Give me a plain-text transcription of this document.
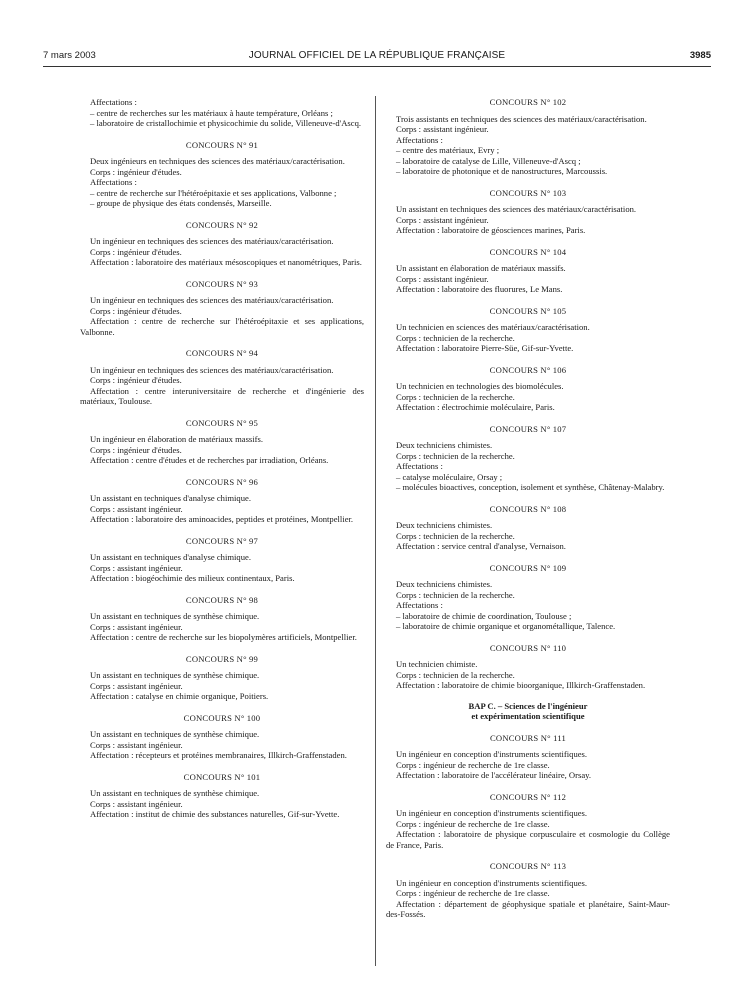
7 mars 2003	JOURNAL OFFICIEL DE LA RÉPUBLIQUE FRANÇAISE	3985

Affectations :

– centre de recherches sur les matériaux à haute température, Orléans ;

– laboratoire de cristallochimie et physicochimie du solide, Villeneuve-d'Ascq.

CONCOURS N° 91

Deux ingénieurs en techniques des sciences des matériaux/caractérisation.

Corps : ingénieur d'études.

Affectations :

– centre de recherche sur l'hétéroépitaxie et ses applications, Valbonne ;

– groupe de physique des états condensés, Marseille.

CONCOURS N° 92

Un ingénieur en techniques des sciences des matériaux/caractérisation.

Corps : ingénieur d'études.

Affectation : laboratoire des matériaux mésoscopiques et nanométriques, Paris.

CONCOURS N° 93

Un ingénieur en techniques des sciences des matériaux/caractérisation.

Corps : ingénieur d'études.

Affectation : centre de recherche sur l'hétéroépitaxie et ses applications, Valbonne.

CONCOURS N° 94

Un ingénieur en techniques des sciences des matériaux/caractérisation.

Corps : ingénieur d'études.

Affectation : centre interuniversitaire de recherche et d'ingénierie des matériaux, Toulouse.

CONCOURS N° 95

Un ingénieur en élaboration de matériaux massifs.

Corps : ingénieur d'études.

Affectation : centre d'études et de recherches par irradiation, Orléans.

CONCOURS N° 96

Un assistant en techniques d'analyse chimique.

Corps : assistant ingénieur.

Affectation : laboratoire des aminoacides, peptides et protéines, Montpellier.

CONCOURS N° 97

Un assistant en techniques d'analyse chimique.

Corps : assistant ingénieur.

Affectation : biogéochimie des milieux continentaux, Paris.

CONCOURS N° 98

Un assistant en techniques de synthèse chimique.

Corps : assistant ingénieur.

Affectation : centre de recherche sur les biopolymères artificiels, Montpellier.

CONCOURS N° 99

Un assistant en techniques de synthèse chimique.

Corps : assistant ingénieur.

Affectation : catalyse en chimie organique, Poitiers.

CONCOURS N° 100

Un assistant en techniques de synthèse chimique.

Corps : assistant ingénieur.

Affectation : récepteurs et protéines membranaires, Illkirch-Graffenstaden.

CONCOURS N° 101

Un assistant en techniques de synthèse chimique.

Corps : assistant ingénieur.

Affectation : institut de chimie des substances naturelles, Gif-sur-Yvette.

CONCOURS N° 102

Trois assistants en techniques des sciences des matériaux/caractérisation.

Corps : assistant ingénieur.

Affectations :

– centre des matériaux, Evry ;

– laboratoire de catalyse de Lille, Villeneuve-d'Ascq ;

– laboratoire de photonique et de nanostructures, Marcoussis.

CONCOURS N° 103

Un assistant en techniques des sciences des matériaux/caractérisation.

Corps : assistant ingénieur.

Affectation : laboratoire de géosciences marines, Paris.

CONCOURS N° 104

Un assistant en élaboration de matériaux massifs.

Corps : assistant ingénieur.

Affectation : laboratoire des fluorures, Le Mans.

CONCOURS N° 105

Un technicien en sciences des matériaux/caractérisation.

Corps : technicien de la recherche.

Affectation : laboratoire Pierre-Süe, Gif-sur-Yvette.

CONCOURS N° 106

Un technicien en technologies des biomolécules.

Corps : technicien de la recherche.

Affectation : électrochimie moléculaire, Paris.

CONCOURS N° 107

Deux techniciens chimistes.

Corps : technicien de la recherche.

Affectations :

– catalyse moléculaire, Orsay ;

– molécules bioactives, conception, isolement et synthèse, Châtenay-Malabry.

CONCOURS N° 108

Deux techniciens chimistes.

Corps : technicien de la recherche.

Affectation : service central d'analyse, Vernaison.

CONCOURS N° 109

Deux techniciens chimistes.

Corps : technicien de la recherche.

Affectations :

– laboratoire de chimie de coordination, Toulouse ;

– laboratoire de chimie organique et organométallique, Talence.

CONCOURS N° 110

Un technicien chimiste.

Corps : technicien de la recherche.

Affectation : laboratoire de chimie bioorganique, Illkirch-Graffenstaden.

BAP C. – Sciences de l'ingénieur
et expérimentation scientifique
CONCOURS N° 111

Un ingénieur en conception d'instruments scientifiques.

Corps : ingénieur de recherche de 1re classe.

Affectation : laboratoire de l'accélérateur linéaire, Orsay.

CONCOURS N° 112

Un ingénieur en conception d'instruments scientifiques.

Corps : ingénieur de recherche de 1re classe.

Affectation : laboratoire de physique corpusculaire et cosmologie du Collège de France, Paris.

CONCOURS N° 113

Un ingénieur en conception d'instruments scientifiques.

Corps : ingénieur de recherche de 1re classe.

Affectation : département de géophysique spatiale et planétaire, Saint-Maur-des-Fossés.
